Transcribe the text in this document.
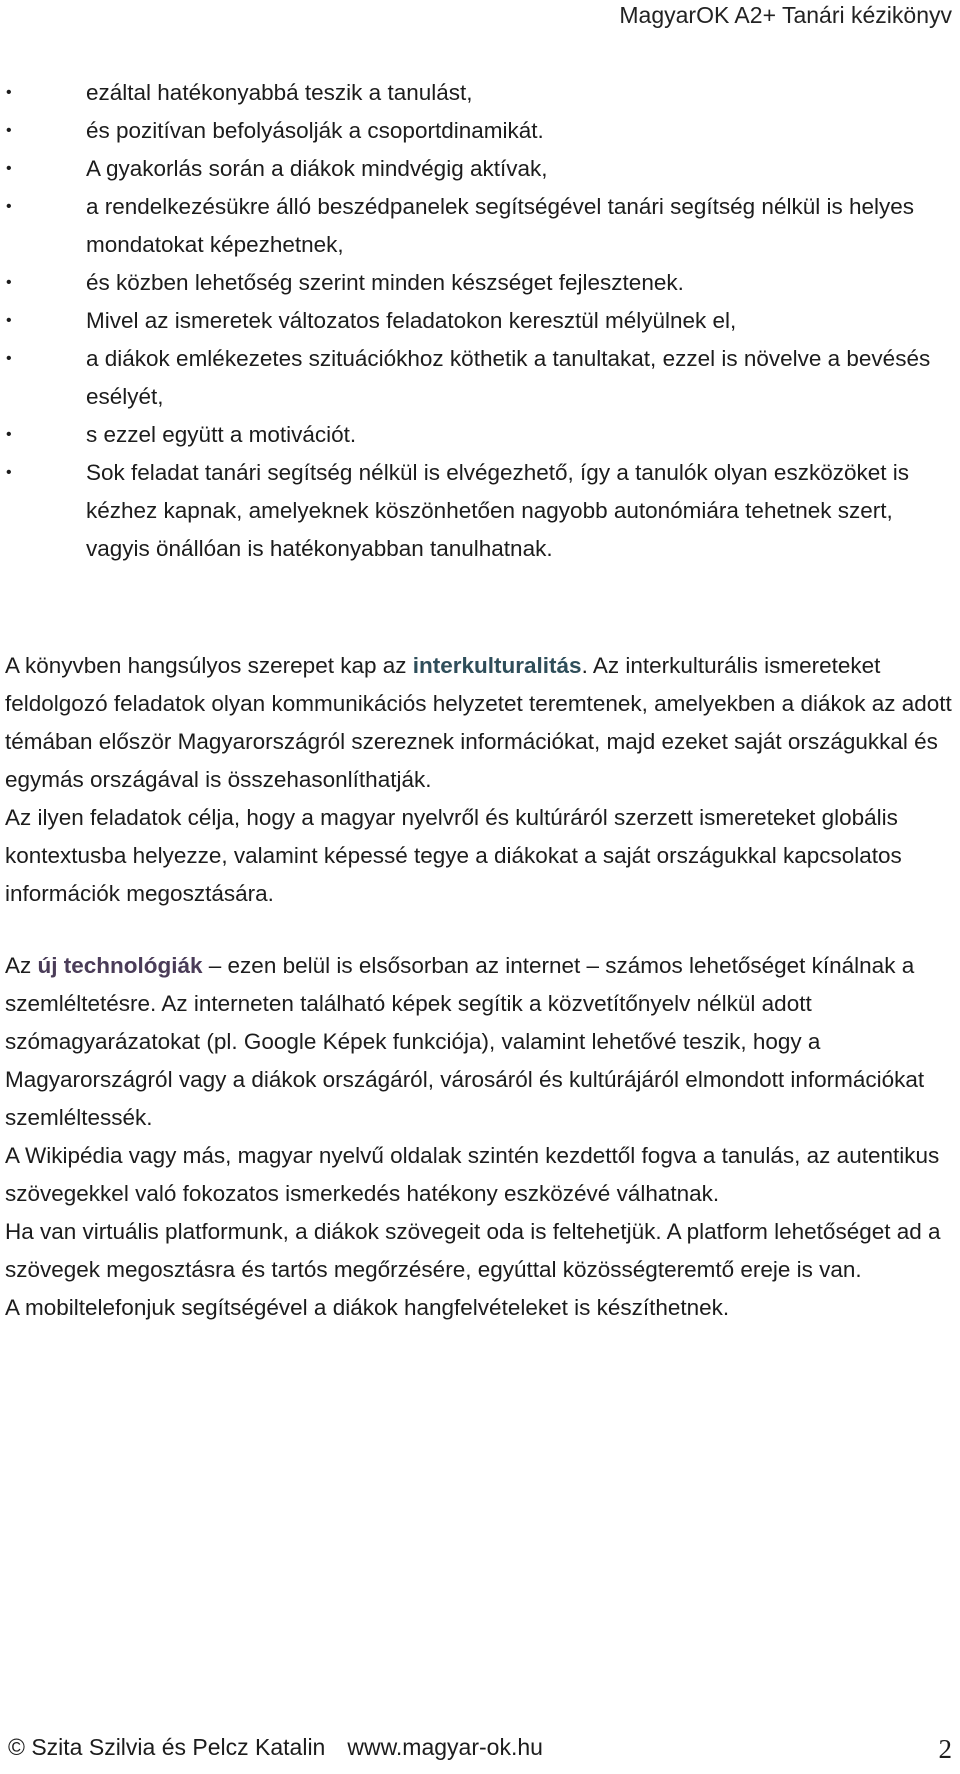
MagyarOK A2+ Tanári kézikönyv
•	ezáltal hatékonyabbá teszik a tanulást,
•	és pozitívan befolyásolják a csoportdinamikát.
•	A gyakorlás során a diákok mindvégig aktívak,
•	a rendelkezésükre álló beszédpanelek segítségével tanári segítség nélkül is helyes mondatokat képezhetnek,
•	és közben lehetőség szerint minden készséget fejlesztenek.
•	Mivel az ismeretek változatos feladatokon keresztül mélyülnek el,
•	a diákok emlékezetes szituációkhoz köthetik a tanultakat, ezzel is növelve a bevésés esélyét,
•	s ezzel együtt a motivációt.
•	Sok feladat tanári segítség nélkül is elvégezhető, így a tanulók olyan eszközöket is kézhez kapnak, amelyeknek köszönhetően nagyobb autonómiára tehetnek szert, vagyis önállóan is hatékonyabban tanulhatnak.

A könyvben hangsúlyos szerepet kap az interkulturalitás. Az interkulturális ismereteket feldolgozó feladatok olyan kommunikációs helyzetet teremtenek, amelyekben a diákok az adott témában először Magyarországról szereznek információkat, majd ezeket saját országukkal és egymás országával is összehasonlíthatják.

Az ilyen feladatok célja, hogy a magyar nyelvről és kultúráról szerzett ismereteket globális kontextusba helyezze, valamint képessé tegye a diákokat a saját országukkal kapcsolatos információk megosztására.

Az új technológiák – ezen belül is elsősorban az internet – számos lehetőséget kínálnak a szemléltetésre. Az interneten található képek segítik a közvetítőnyelv nélkül adott szómagyarázatokat (pl. Google Képek funkciója), valamint lehetővé teszik, hogy a Magyarországról vagy a diákok országáról, városáról és kultúrájáról elmondott információkat szemléltessék.

A Wikipédia vagy más, magyar nyelvű oldalak szintén kezdettől fogva a tanulás, az autentikus szövegekkel való fokozatos ismerkedés hatékony eszközévé válhatnak.

Ha van virtuális platformunk, a diákok szövegeit oda is feltehetjük. A platform lehetőséget ad a szövegek megosztásra és tartós megőrzésére, egyúttal közösségteremtő ereje is van.

A mobiltelefonjuk segítségével a diákok hangfelvételeket is készíthetnek.

© Szita Szilvia és Pelcz Katalin www.magyar-ok.hu	2
